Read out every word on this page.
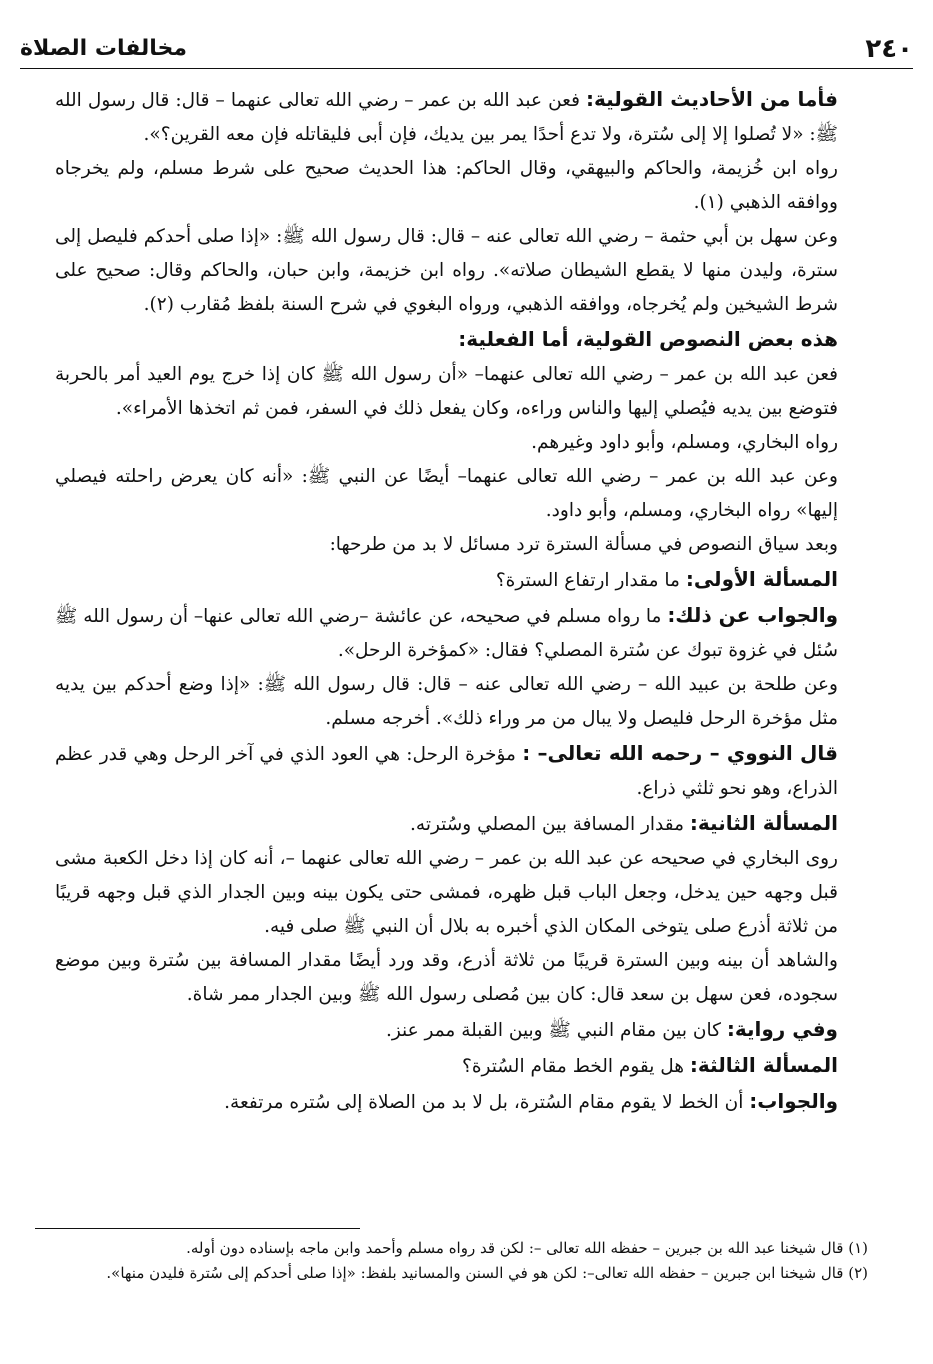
٢٤٠
مخالفات الصلاة

فأما من الأحاديث القولية: فعن عبد الله بن عمر – رضي الله تعالى عنهما – قال: قال رسول الله ﷺ: «لا تُصلوا إلا إلى سُترة، ولا تدع أحدًا يمر بين يديك، فإن أبى فليقاتله فإن معه القرين؟».

رواه ابن خُزيمة، والحاكم والبيهقي، وقال الحاكم: هذا الحديث صحيح على شرط مسلم، ولم يخرجاه ووافقه الذهبي (١).

وعن سهل بن أبي حثمة – رضي الله تعالى عنه – قال: قال رسول الله ﷺ: «إذا صلى أحدكم فليصل إلى سترة، وليدن منها لا يقطع الشيطان صلاته». رواه ابن خزيمة، وابن حبان، والحاكم وقال: صحيح على شرط الشيخين ولم يُخرجاه، ووافقه الذهبي، ورواه البغوي في شرح السنة بلفظ مُقارب (٢).

هذه بعض النصوص القولية، أما الفعلية:

فعن عبد الله بن عمر – رضي الله تعالى عنهما– «أن رسول الله ﷺ كان إذا خرج يوم العيد أمر بالحربة فتوضع بين يديه فيُصلي إليها والناس وراءه، وكان يفعل ذلك في السفر، فمن ثم اتخذها الأمراء».

رواه البخاري، ومسلم، وأبو داود وغيرهم.

وعن عبد الله بن عمر – رضي الله تعالى عنهما– أيضًا عن النبي ﷺ: «أنه كان يعرض راحلته فيصلي إليها» رواه البخاري، ومسلم، وأبو داود.

وبعد سياق النصوص في مسألة السترة ترد مسائل لا بد من طرحها:

المسألة الأولى: ما مقدار ارتفاع السترة؟

والجواب عن ذلك: ما رواه مسلم في صحيحه، عن عائشة –رضي الله تعالى عنها– أن رسول الله ﷺ سُئل في غزوة تبوك عن سُترة المصلي؟ فقال: «كمؤخرة الرحل».

وعن طلحة بن عبيد الله – رضي الله تعالى عنه – قال: قال رسول الله ﷺ: «إذا وضع أحدكم بين يديه مثل مؤخرة الرحل فليصل ولا يبال من مر وراء ذلك». أخرجه مسلم.

قال النووي – رحمه الله تعالى– : مؤخرة الرحل: هي العود الذي في آخر الرحل وهي قدر عظم الذراع، وهو نحو ثلثي ذراع.

المسألة الثانية: مقدار المسافة بين المصلي وسُترته.

روى البخاري في صحيحه عن عبد الله بن عمر – رضي الله تعالى عنهما –، أنه كان إذا دخل الكعبة مشى قبل وجهه حين يدخل، وجعل الباب قبل ظهره، فمشى حتى يكون بينه وبين الجدار الذي قبل وجهه قريبًا من ثلاثة أذرع صلى يتوخى المكان الذي أخبره به بلال أن النبي ﷺ صلى فيه.

والشاهد أن بينه وبين السترة قريبًا من ثلاثة أذرع، وقد ورد أيضًا مقدار المسافة بين سُترة وبين موضع سجوده، فعن سهل بن سعد قال: كان بين مُصلى رسول الله ﷺ وبين الجدار ممر شاة.

وفي رواية: كان بين مقام النبي ﷺ وبين القبلة ممر عنز.

المسألة الثالثة: هل يقوم الخط مقام السُترة؟

والجواب: أن الخط لا يقوم مقام السُترة، بل لا بد من الصلاة إلى سُتره مرتفعة.

(١) قال شيخنا عبد الله بن جبرين – حفظه الله تعالى –: لكن قد رواه مسلم وأحمد وابن ماجه بإسناده دون أوله.

(٢) قال شيخنا ابن جبرين – حفظه الله تعالى–: لكن هو في السنن والمسانيد بلفظ: «إذا صلى أحدكم إلى سُترة فليدن منها».
